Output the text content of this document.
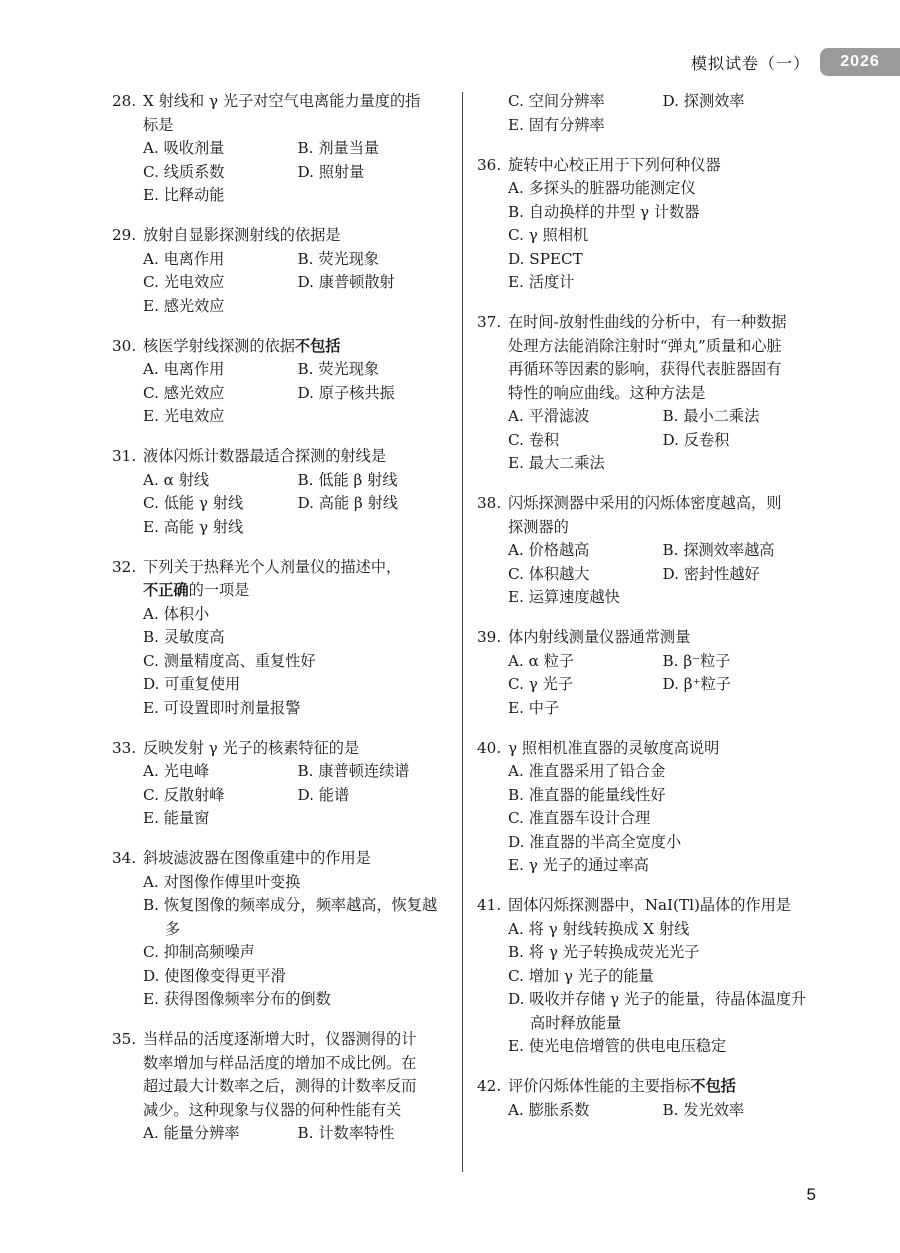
模拟试卷（一）	2026
28. X 射线和 γ 光子对空气电离能力量度的指
标是
A. 吸收剂量	B. 剂量当量
C. 线质系数	D. 照射量
E. 比释动能
29. 放射自显影探测射线的依据是
A. 电离作用	B. 荧光现象
C. 光电效应	D. 康普顿散射
E. 感光效应
30. 核医学射线探测的依据不包括
A. 电离作用	B. 荧光现象
C. 感光效应	D. 原子核共振
E. 光电效应
31. 液体闪烁计数器最适合探测的射线是
A. α 射线	B. 低能 β 射线
C. 低能 γ 射线	D. 高能 β 射线
E. 高能 γ 射线
32. 下列关于热释光个人剂量仪的描述中，
不正确的一项是
A. 体积小
B. 灵敏度高
C. 测量精度高、重复性好
D. 可重复使用
E. 可设置即时剂量报警
33. 反映发射 γ 光子的核素特征的是
A. 光电峰	B. 康普顿连续谱
C. 反散射峰	D. 能谱
E. 能量窗
34. 斜坡滤波器在图像重建中的作用是
A. 对图像作傅里叶变换
B. 恢复图像的频率成分，频率越高，恢复越多
C. 抑制高频噪声
D. 使图像变得更平滑
E. 获得图像频率分布的倒数
35. 当样品的活度逐渐增大时，仪器测得的计
数率增加与样品活度的增加不成比例。在
超过最大计数率之后，测得的计数率反而
减少。这种现象与仪器的何种性能有关
A. 能量分辨率	B. 计数率特性
C. 空间分辨率	D. 探测效率
E. 固有分辨率
36. 旋转中心校正用于下列何种仪器
A. 多探头的脏器功能测定仪
B. 自动换样的井型 γ 计数器
C. γ 照相机
D. SPECT
E. 活度计
37. 在时间-放射性曲线的分析中，有一种数据
处理方法能消除注射时“弹丸”质量和心脏
再循环等因素的影响，获得代表脏器固有
特性的响应曲线。这种方法是
A. 平滑滤波	B. 最小二乘法
C. 卷积	D. 反卷积
E. 最大二乘法
38. 闪烁探测器中采用的闪烁体密度越高，则
探测器的
A. 价格越高	B. 探测效率越高
C. 体积越大	D. 密封性越好
E. 运算速度越快
39. 体内射线测量仪器通常测量
A. α 粒子	B. β⁻粒子
C. γ 光子	D. β⁺粒子
E. 中子
40. γ 照相机准直器的灵敏度高说明
A. 准直器采用了铅合金
B. 准直器的能量线性好
C. 准直器车设计合理
D. 准直器的半高全宽度小
E. γ 光子的通过率高
41. 固体闪烁探测器中，NaI(Tl)晶体的作用是
A. 将 γ 射线转换成 X 射线
B. 将 γ 光子转换成荧光光子
C. 增加 γ 光子的能量
D. 吸收并存储 γ 光子的能量，待晶体温度升高时释放能量
E. 使光电倍增管的供电电压稳定
42. 评价闪烁体性能的主要指标不包括
A. 膨胀系数	B. 发光效率
5
